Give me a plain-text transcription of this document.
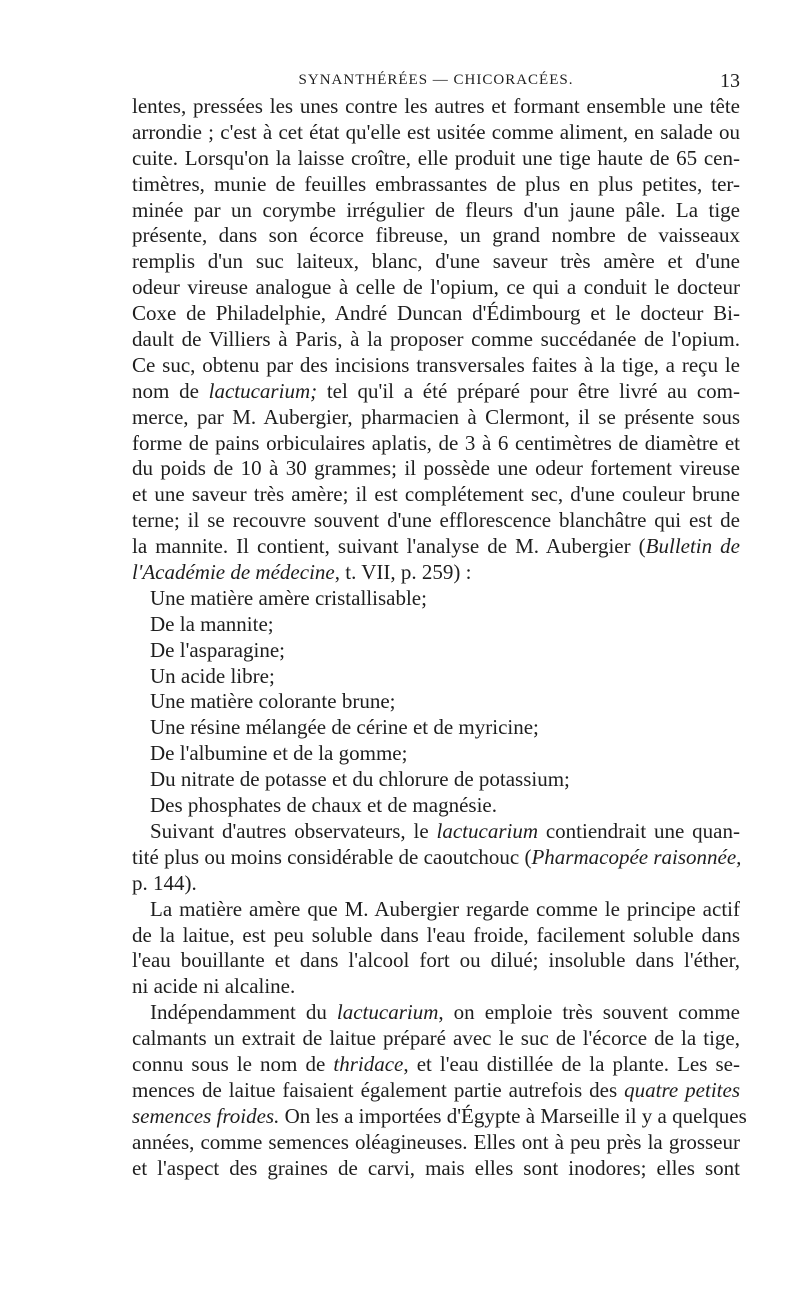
SYNANTHÉRÉES — CHICORACÉES.	13
lentes, pressées les unes contre les autres et formant ensemble une tête
arrondie ; c'est à cet état qu'elle est usitée comme aliment, en salade ou
cuite. Lorsqu'on la laisse croître, elle produit une tige haute de 65 cen-
timètres, munie de feuilles embrassantes de plus en plus petites, ter-
minée par un corymbe irrégulier de fleurs d'un jaune pâle. La tige
présente, dans son écorce fibreuse, un grand nombre de vaisseaux
remplis d'un suc laiteux, blanc, d'une saveur très amère et d'une
odeur vireuse analogue à celle de l'opium, ce qui a conduit le docteur
Coxe de Philadelphie, André Duncan d'Édimbourg et le docteur Bi-
dault de Villiers à Paris, à la proposer comme succédanée de l'opium.
Ce suc, obtenu par des incisions transversales faites à la tige, a reçu le
nom de lactucarium; tel qu'il a été préparé pour être livré au com-
merce, par M. Aubergier, pharmacien à Clermont, il se présente sous
forme de pains orbiculaires aplatis, de 3 à 6 centimètres de diamètre et
du poids de 10 à 30 grammes; il possède une odeur fortement vireuse
et une saveur très amère; il est complétement sec, d'une couleur brune
terne; il se recouvre souvent d'une efflorescence blanchâtre qui est de
la mannite. Il contient, suivant l'analyse de M. Aubergier (Bulletin de
l'Académie de médecine, t. VII, p. 259) :
Une matière amère cristallisable;
De la mannite;
De l'asparagine;
Un acide libre;
Une matière colorante brune;
Une résine mélangée de cérine et de myricine;
De l'albumine et de la gomme;
Du nitrate de potasse et du chlorure de potassium;
Des phosphates de chaux et de magnésie.
Suivant d'autres observateurs, le lactucarium contiendrait une quan-
tité plus ou moins considérable de caoutchouc (Pharmacopée raisonnée,
p. 144).
La matière amère que M. Aubergier regarde comme le principe actif
de la laitue, est peu soluble dans l'eau froide, facilement soluble dans
l'eau bouillante et dans l'alcool fort ou dilué; insoluble dans l'éther,
ni acide ni alcaline.
Indépendamment du lactucarium, on emploie très souvent comme
calmants un extrait de laitue préparé avec le suc de l'écorce de la tige,
connu sous le nom de thridace, et l'eau distillée de la plante. Les se-
mences de laitue faisaient également partie autrefois des quatre petites
semences froides. On les a importées d'Égypte à Marseille il y a quelques
années, comme semences oléagineuses. Elles ont à peu près la grosseur
et l'aspect des graines de carvi, mais elles sont inodores; elles sont
